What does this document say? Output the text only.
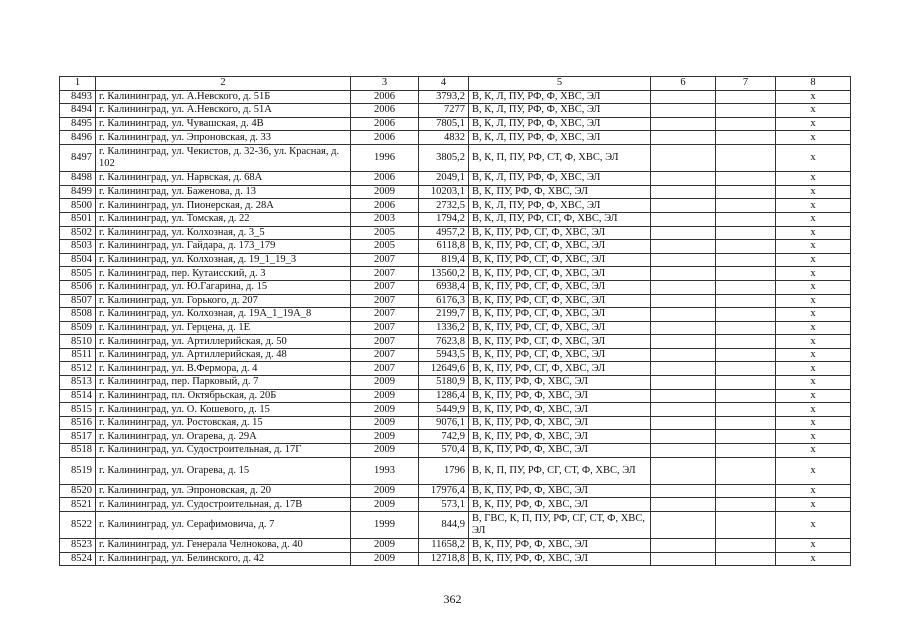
1	2	3	4	5	6	7	8
8493	г. Калининград, ул. А.Невского, д. 51Б	2006	3793,2	В, К, Л, ПУ, РФ, Ф, ХВС, ЭЛ			x
8494	г. Калининград, ул. А.Невского, д. 51А	2006	7277	В, К, Л, ПУ, РФ, Ф, ХВС, ЭЛ			x
8495	г. Калининград, ул. Чувашская, д. 4В	2006	7805,1	В, К, Л, ПУ, РФ, Ф, ХВС, ЭЛ			x
8496	г. Калининград, ул. Эпроновская, д. 33	2006	4832	В, К, Л, ПУ, РФ, Ф, ХВС, ЭЛ			x
8497	г. Калининград, ул. Чекистов, д. 32-36, ул. Красная, д. 102	1996	3805,2	В, К, П, ПУ, РФ, СТ, Ф, ХВС, ЭЛ			x
8498	г. Калининград, ул. Нарвская, д. 68А	2006	2049,1	В, К, Л, ПУ, РФ, Ф, ХВС, ЭЛ			x
8499	г. Калининград, ул. Баженова, д. 13	2009	10203,1	В, К, ПУ, РФ, Ф, ХВС, ЭЛ			x
8500	г. Калининград, ул. Пионерская, д. 28А	2006	2732,5	В, К, Л, ПУ, РФ, Ф, ХВС, ЭЛ			x
8501	г. Калининград, ул. Томская, д. 22	2003	1794,2	В, К, Л, ПУ, РФ, СГ, Ф, ХВС, ЭЛ			x
8502	г. Калининград, ул. Колхозная, д. 3_5	2005	4957,2	В, К, ПУ, РФ, СГ, Ф, ХВС, ЭЛ			x
8503	г. Калининград, ул. Гайдара, д. 173_179	2005	6118,8	В, К, ПУ, РФ, СГ, Ф, ХВС, ЭЛ			x
8504	г. Калининград, ул. Колхозная, д. 19_1_19_3	2007	819,4	В, К, ПУ, РФ, СГ, Ф, ХВС, ЭЛ			x
8505	г. Калининград, пер. Кутаисский, д. 3	2007	13560,2	В, К, ПУ, РФ, СГ, Ф, ХВС, ЭЛ			x
8506	г. Калининград, ул. Ю.Гагарина, д. 15	2007	6938,4	В, К, ПУ, РФ, СГ, Ф, ХВС, ЭЛ			x
8507	г. Калининград, ул. Горького, д. 207	2007	6176,3	В, К, ПУ, РФ, СГ, Ф, ХВС, ЭЛ			x
8508	г. Калининград, ул. Колхозная, д. 19А_1_19А_8	2007	2199,7	В, К, ПУ, РФ, СГ, Ф, ХВС, ЭЛ			x
8509	г. Калининград, ул. Герцена, д. 1Е	2007	1336,2	В, К, ПУ, РФ, СГ, Ф, ХВС, ЭЛ			x
8510	г. Калининград, ул. Артиллерийская, д. 50	2007	7623,8	В, К, ПУ, РФ, СГ, Ф, ХВС, ЭЛ			x
8511	г. Калининград, ул. Артиллерийская, д. 48	2007	5943,5	В, К, ПУ, РФ, СГ, Ф, ХВС, ЭЛ			x
8512	г. Калининград, ул. В.Фермора, д. 4	2007	12649,6	В, К, ПУ, РФ, СГ, Ф, ХВС, ЭЛ			x
8513	г. Калининград, пер. Парковый, д. 7	2009	5180,9	В, К, ПУ, РФ, Ф, ХВС, ЭЛ			x
8514	г. Калининград, пл. Октябрьская, д. 20Б	2009	1286,4	В, К, ПУ, РФ, Ф, ХВС, ЭЛ			x
8515	г. Калининград, ул. О. Кошевого, д. 15	2009	5449,9	В, К, ПУ, РФ, Ф, ХВС, ЭЛ			x
8516	г. Калининград, ул. Ростовская, д. 15	2009	9076,1	В, К, ПУ, РФ, Ф, ХВС, ЭЛ			x
8517	г. Калининград, ул. Огарева, д. 29А	2009	742,9	В, К, ПУ, РФ, Ф, ХВС, ЭЛ			x
8518	г. Калининград, ул. Судостроительная, д. 17Г	2009	570,4	В, К, ПУ, РФ, Ф, ХВС, ЭЛ			x
8519	г. Калининград, ул. Огарева, д. 15	1993	1796	В, К, П, ПУ, РФ, СГ, СТ, Ф, ХВС, ЭЛ			x
8520	г. Калининград, ул. Эпроновская, д. 20	2009	17976,4	В, К, ПУ, РФ, Ф, ХВС, ЭЛ			x
8521	г. Калининград, ул. Судостроительная, д. 17В	2009	573,1	В, К, ПУ, РФ, Ф, ХВС, ЭЛ			x
8522	г. Калининград, ул. Серафимовича, д. 7	1999	844,9	В, ГВС, К, П, ПУ, РФ, СГ, СТ, Ф, ХВС, ЭЛ			x
8523	г. Калининград, ул. Генерала Челнокова, д. 40	2009	11658,2	В, К, ПУ, РФ, Ф, ХВС, ЭЛ			x
8524	г. Калининград, ул. Белинского, д. 42	2009	12718,8	В, К, ПУ, РФ, Ф, ХВС, ЭЛ			x
362
